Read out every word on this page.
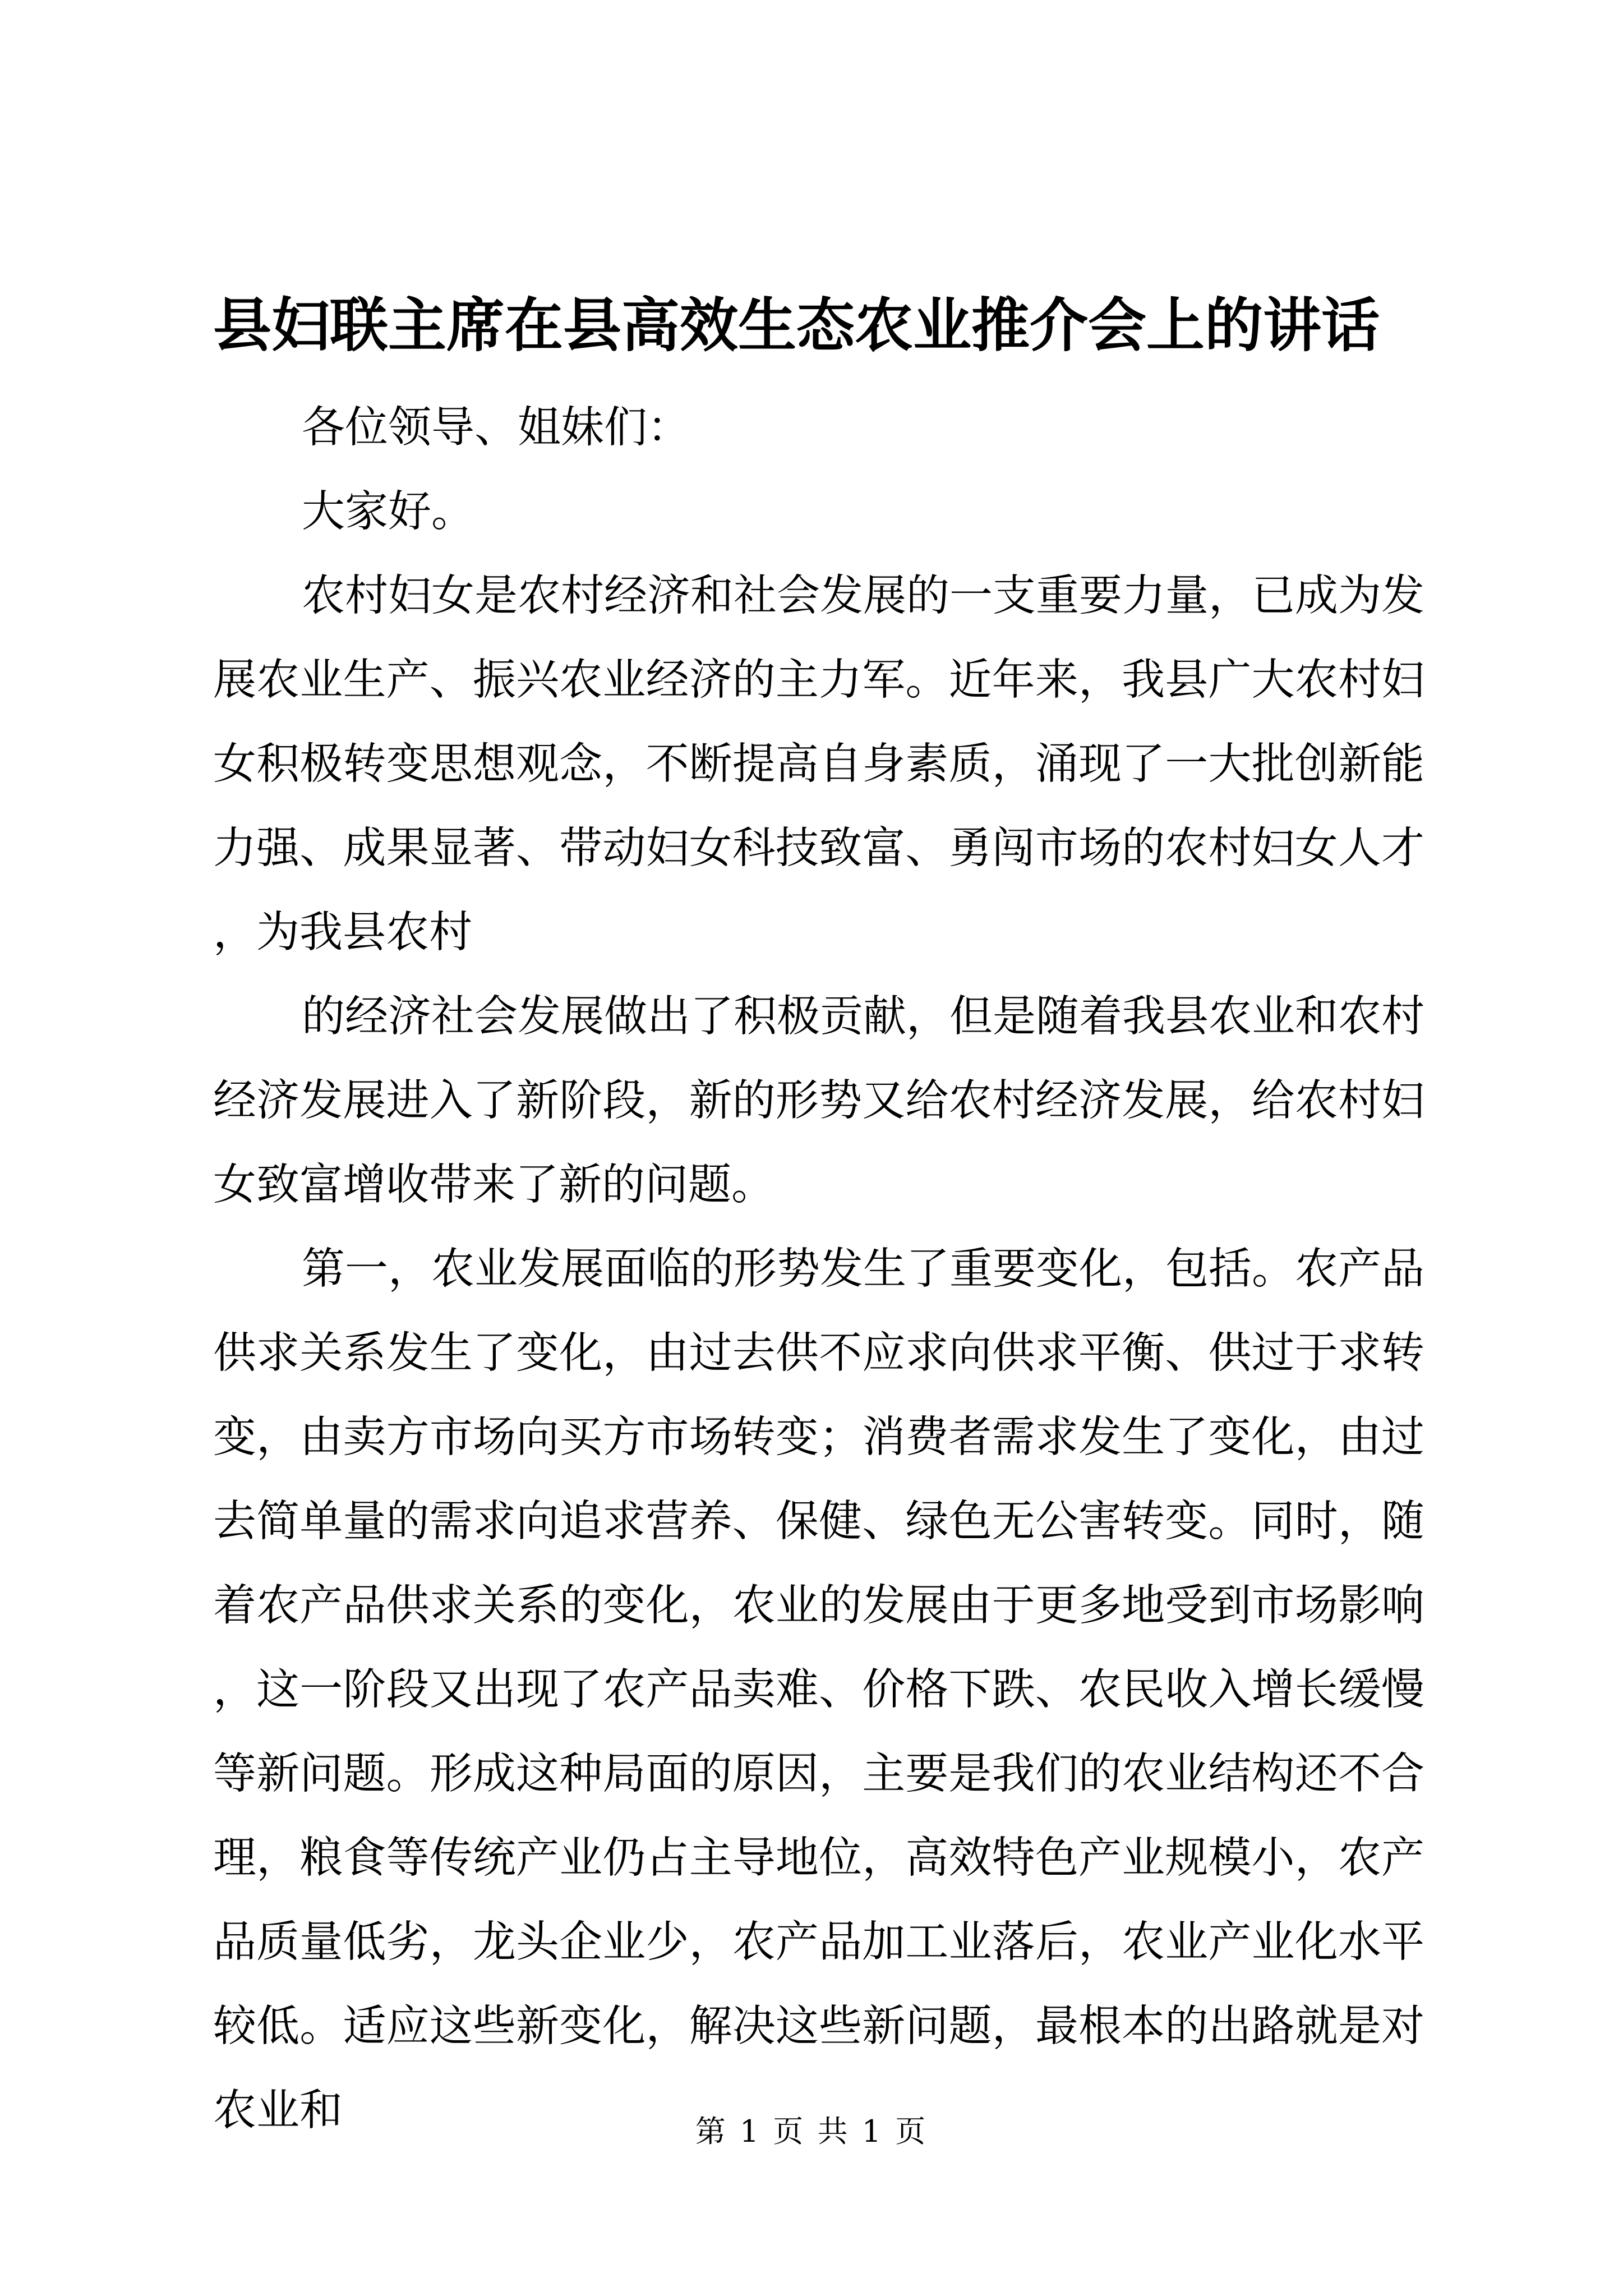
县妇联主席在县高效生态农业推介会上的讲话

各位领导、姐妹们：

大家好。

农村妇女是农村经济和社会发展的一支重要力量，已成为发展农业生产、振兴农业经济的主力军。近年来，我县广大农村妇女积极转变思想观念，不断提高自身素质，涌现了一大批创新能力强、成果显著、带动妇女科技致富、勇闯市场的农村妇女人才，为我县农村

的经济社会发展做出了积极贡献，但是随着我县农业和农村经济发展进入了新阶段，新的形势又给农村经济发展，给农村妇女致富增收带来了新的问题。

第一，农业发展面临的形势发生了重要变化，包括。农产品供求关系发生了变化，由过去供不应求向供求平衡、供过于求转变，由卖方市场向买方市场转变；消费者需求发生了变化，由过去简单量的需求向追求营养、保健、绿色无公害转变。同时，随着农产品供求关系的变化，农业的发展由于更多地受到市场影响，这一阶段又出现了农产品卖难、价格下跌、农民收入增长缓慢等新问题。形成这种局面的原因，主要是我们的农业结构还不合理，粮食等传统产业仍占主导地位，高效特色产业规模小，农产品质量低劣，龙头企业少，农产品加工业落后，农业产业化水平较低。适应这些新变化，解决这些新问题，最根本的出路就是对农业和	第 1 页 共 1 页
